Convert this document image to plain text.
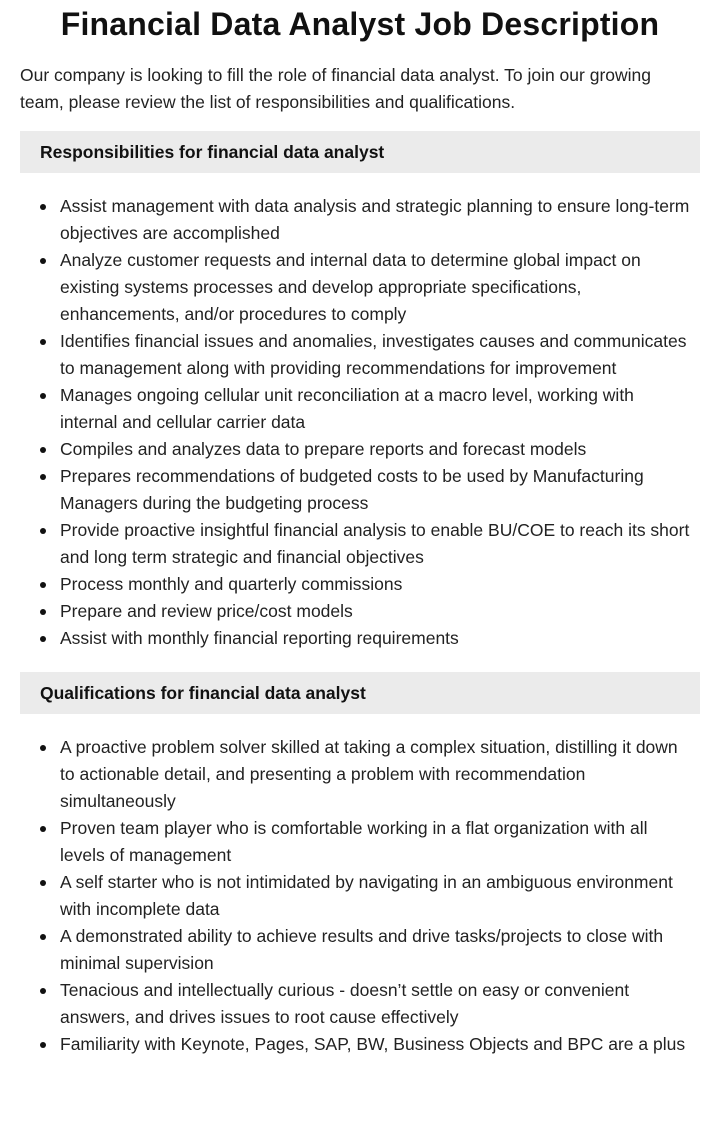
Financial Data Analyst Job Description

Our company is looking to fill the role of financial data analyst. To join our growing team, please review the list of responsibilities and qualifications.

Responsibilities for financial data analyst
Assist management with data analysis and strategic planning to ensure long-term objectives are accomplished
Analyze customer requests and internal data to determine global impact on existing systems processes and develop appropriate specifications, enhancements, and/or procedures to comply
Identifies financial issues and anomalies, investigates causes and communicates to management along with providing recommendations for improvement
Manages ongoing cellular unit reconciliation at a macro level, working with internal and cellular carrier data
Compiles and analyzes data to prepare reports and forecast models
Prepares recommendations of budgeted costs to be used by Manufacturing Managers during the budgeting process
Provide proactive insightful financial analysis to enable BU/COE to reach its short and long term strategic and financial objectives
Process monthly and quarterly commissions
Prepare and review price/cost models
Assist with monthly financial reporting requirements
Qualifications for financial data analyst
A proactive problem solver skilled at taking a complex situation, distilling it down to actionable detail, and presenting a problem with recommendation simultaneously
Proven team player who is comfortable working in a flat organization with all levels of management
A self starter who is not intimidated by navigating in an ambiguous environment with incomplete data
A demonstrated ability to achieve results and drive tasks/projects to close with minimal supervision
Tenacious and intellectually curious - doesn’t settle on easy or convenient answers, and drives issues to root cause effectively
Familiarity with Keynote, Pages, SAP, BW, Business Objects and BPC are a plus
